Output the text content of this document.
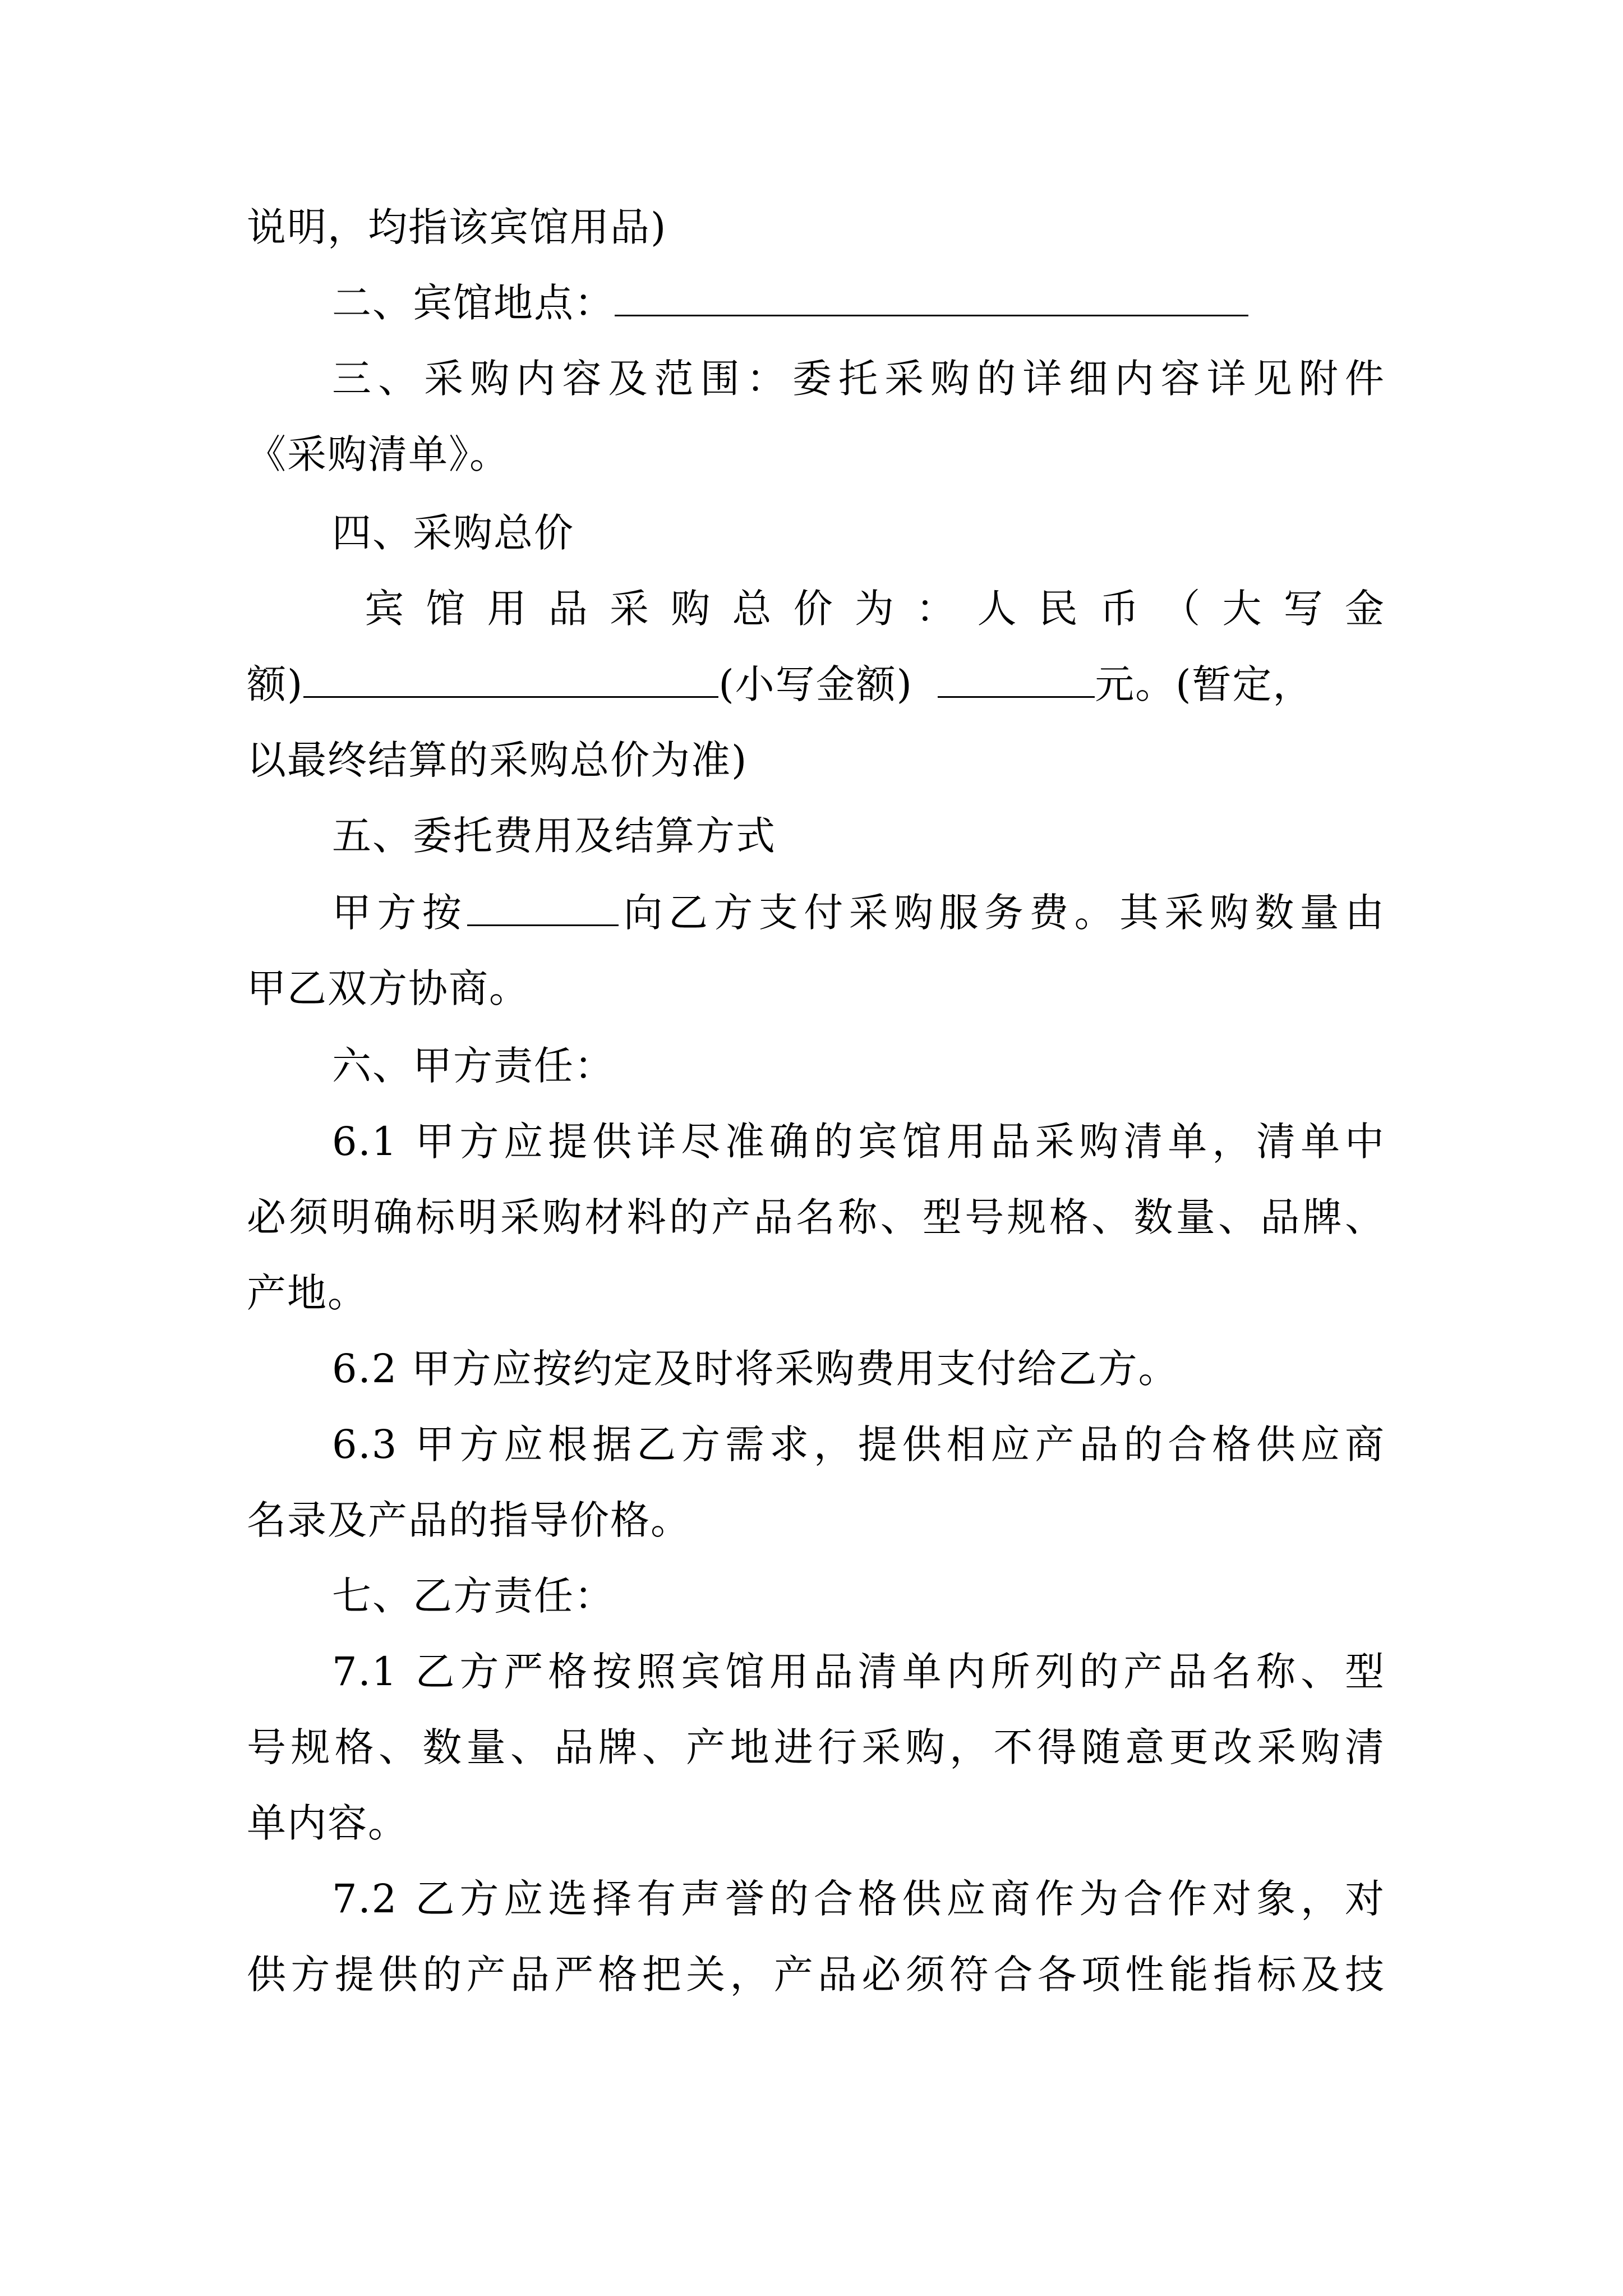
说明，均指该宾馆用品)
二、宾馆地点：
三、采购内容及范围：委托采购的详细内容详见附件
《采购清单》。
四、采购总价
宾馆用品采购总价为：人民币（大写金
额)	(小写金额)	元。(暂定，
以最终结算的采购总价为准)
五、委托费用及结算方式
甲方按	向乙方支付采购服务费。其采购数量由
甲乙双方协商。
六、甲方责任：
6.1 甲方应提供详尽准确的宾馆用品采购清单，清单中
必须明确标明采购材料的产品名称、型号规格、数量、品牌、
产地。
6.2 甲方应按约定及时将采购费用支付给乙方。
6.3 甲方应根据乙方需求，提供相应产品的合格供应商
名录及产品的指导价格。
七、乙方责任：
7.1 乙方严格按照宾馆用品清单内所列的产品名称、型
号规格、数量、品牌、产地进行采购，不得随意更改采购清
单内容。
7.2 乙方应选择有声誉的合格供应商作为合作对象，对
供方提供的产品严格把关，产品必须符合各项性能指标及技
